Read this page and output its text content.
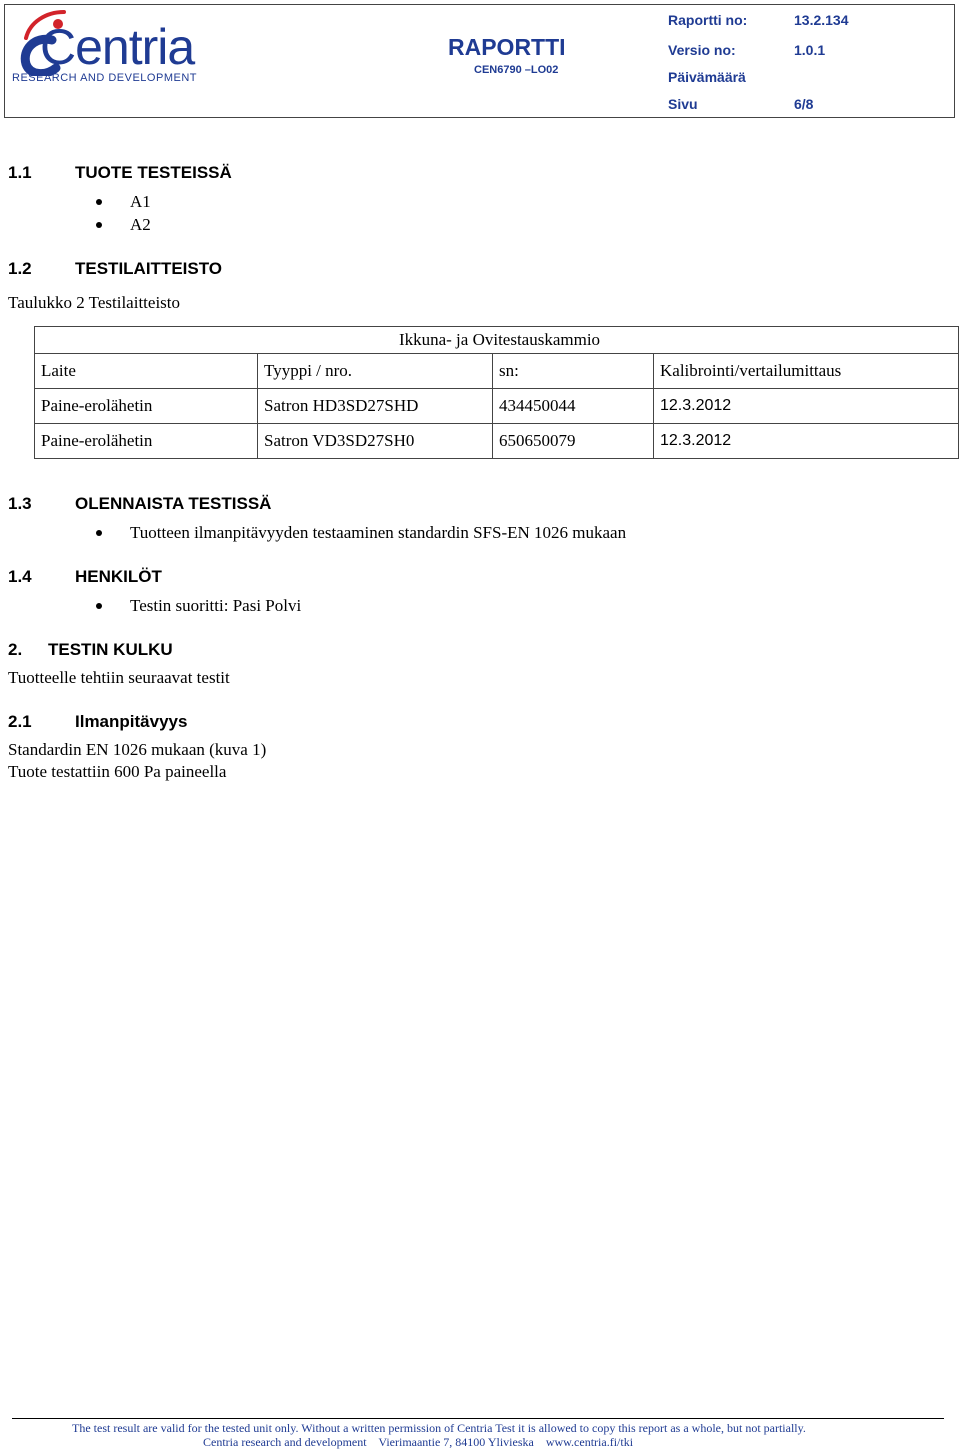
Centria
RESEARCH AND DEVELOPMENT
RAPORTTI
CEN6790 –LO02
Raportti no:	13.2.134
Versio no:	1.0.1
Päivämäärä
Sivu	6/8
1.1	TUOTE TESTEISSÄ
A1
A2
1.2	TESTILAITTEISTO
Taulukko 2 Testilaitteisto
Ikkuna- ja Ovitestauskammio			
Laite	Tyyppi / nro.	sn:	Kalibrointi/vertailumittaus
Paine-erolähetin	Satron HD3SD27SHD	434450044	12.3.2012
Paine-erolähetin	Satron VD3SD27SH0	650650079	12.3.2012
1.3	OLENNAISTA TESTISSÄ
Tuotteen ilmanpitävyyden testaaminen standardin SFS-EN 1026 mukaan
1.4	HENKILÖT
Testin suoritti: Pasi Polvi
2. TESTIN KULKU
Tuotteelle tehtiin seuraavat testit
2.1	Ilmanpitävyys
Standardin EN 1026 mukaan (kuva 1)
Tuote testattiin 600 Pa paineella
The test result are valid for the tested unit only. Without a written permission of Centria Test it is allowed to copy this report as a whole, but not partially.
Centria research and development    Vierimaantie 7, 84100 Ylivieska    www.centria.fi/tki
